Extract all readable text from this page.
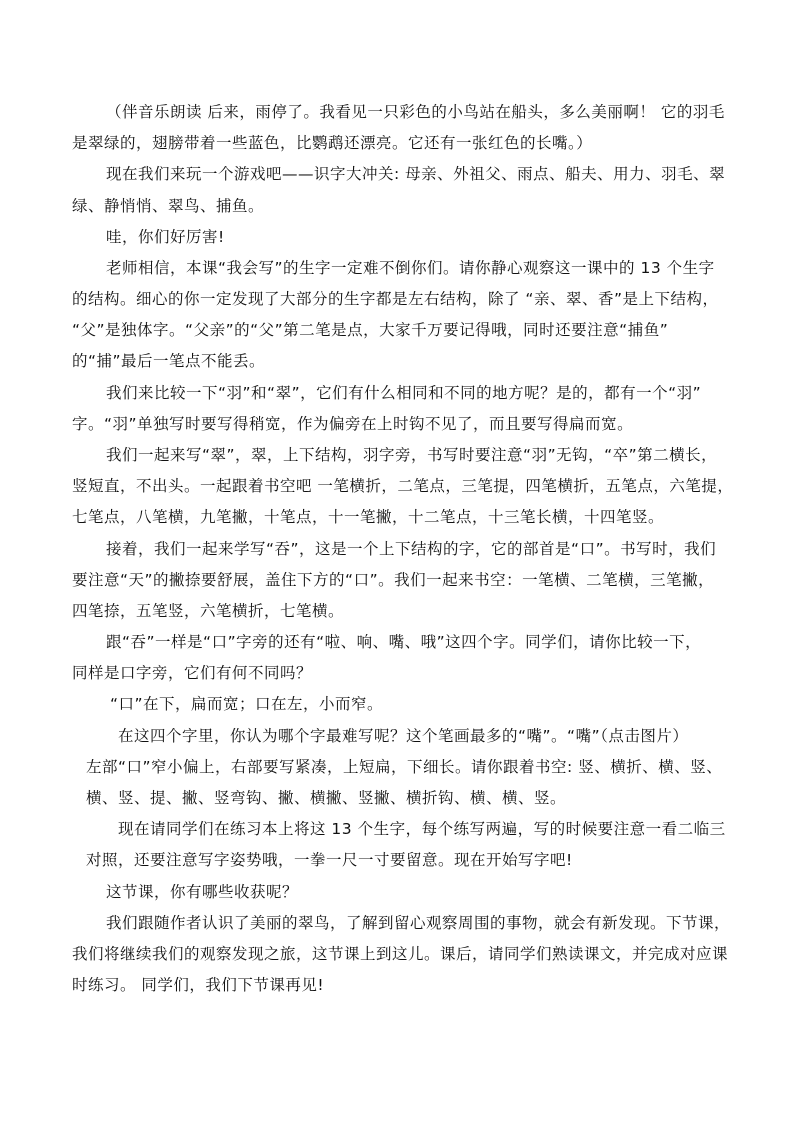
（伴音乐朗读 后来，雨停了。我看见一只彩色的小鸟站在船头，多么美丽啊！ 它的羽毛

是翠绿的，翅膀带着一些蓝色，比鹦鹉还漂亮。它还有一张红色的长嘴。）

现在我们来玩一个游戏吧——识字大冲关: 母亲、外祖父、雨点、船夫、用力、羽毛、翠

绿、静悄悄、翠鸟、捕鱼。

哇，你们好厉害!

老师相信，本课“我会写”的生字一定难不倒你们。请你静心观察这一课中的 13 个生字

的结构。细心的你一定发现了大部分的生字都是左右结构，除了 “亲、翠、香”是上下结构，

“父”是独体字。“父亲”的“父”第二笔是点，大家千万要记得哦，同时还要注意“捕鱼”

的“捕”最后一笔点不能丢。

我们来比较一下“羽”和“翠”，它们有什么相同和不同的地方呢？是的，都有一个“羽”

字。“羽”单独写时要写得稍宽，作为偏旁在上时钩不见了，而且要写得扁而宽。

我们一起来写“翠”，翠，上下结构，羽字旁，书写时要注意“羽”无钩，“卒”第二横长，

竖短直，不出头。一起跟着书空吧 一笔横折，二笔点，三笔提，四笔横折，五笔点，六笔提，

七笔点，八笔横，九笔撇，十笔点，十一笔撇，十二笔点，十三笔长横，十四笔竖。

接着，我们一起来学写“吞”，这是一个上下结构的字，它的部首是“口”。书写时，我们

要注意“天”的撇捺要舒展，盖住下方的“口”。我们一起来书空：一笔横、二笔横，三笔撇，

四笔捺，五笔竖，六笔横折，七笔横。

跟“吞”一样是“口”字旁的还有“啦、响、嘴、哦”这四个字。同学们，请你比较一下，

同样是口字旁，它们有何不同吗？

“口”在下，扁而宽；口在左，小而窄。

在这四个字里，你认为哪个字最难写呢？这个笔画最多的“嘴”。“嘴”（点击图片）

左部“口”窄小偏上，右部要写紧凑，上短扁，下细长。请你跟着书空: 竖、横折、横、竖、

横、竖、提、撇、竖弯钩、撇、横撇、竖撇、横折钩、横、横、竖。

现在请同学们在练习本上将这 13 个生字，每个练写两遍，写的时候要注意一看二临三

对照，还要注意写字姿势哦，一拳一尺一寸要留意。现在开始写字吧!

这节课，你有哪些收获呢？

我们跟随作者认识了美丽的翠鸟，了解到留心观察周围的事物，就会有新发现。下节课，

我们将继续我们的观察发现之旅，这节课上到这儿。课后，请同学们熟读课文，并完成对应课

时练习。 同学们，我们下节课再见!
